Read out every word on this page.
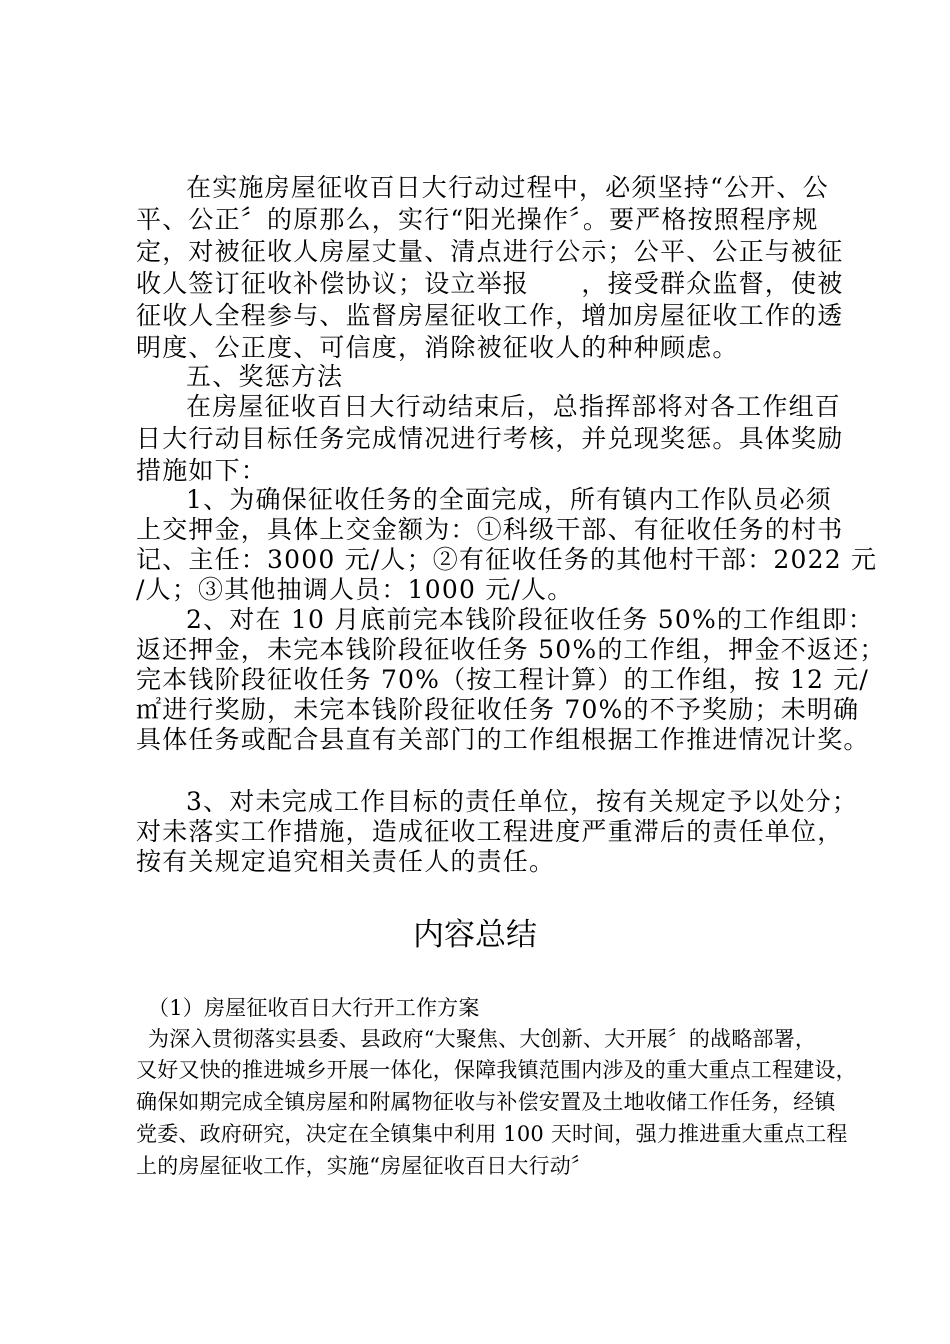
在实施房屋征收百日大行动过程中，必须坚持“公开、公
平、公正〞的原那么，实行“阳光操作〞。要严格按照程序规
定，对被征收人房屋丈量、清点进行公示；公平、公正与被征
收人签订征收补偿协议；设立举报　　，接受群众监督，使被
征收人全程参与、监督房屋征收工作，增加房屋征收工作的透
明度、公正度、可信度，消除被征收人的种种顾虑。
五、奖惩方法
在房屋征收百日大行动结束后，总指挥部将对各工作组百
日大行动目标任务完成情况进行考核，并兑现奖惩。具体奖励
措施如下：
1、为确保征收任务的全面完成，所有镇内工作队员必须
上交押金，具体上交金额为：①科级干部、有征收任务的村书
记、主任：3000 元/人；②有征收任务的其他村干部：2022 元
/人；③其他抽调人员：1000 元/人。
2、对在 10 月底前完本钱阶段征收任务 50%的工作组即：
返还押金，未完本钱阶段征收任务 50%的工作组，押金不返还；
完本钱阶段征收任务 70%（按工程计算）的工作组，按 12 元/
㎡进行奖励，未完本钱阶段征收任务 70%的不予奖励；未明确
具体任务或配合县直有关部门的工作组根据工作推进情况计奖。
3、对未完成工作目标的责任单位，按有关规定予以处分；
对未落实工作措施，造成征收工程进度严重滞后的责任单位，
按有关规定追究相关责任人的责任。
内容总结
（1）房屋征收百日大行开工作方案
为深入贯彻落实县委、县政府“大聚焦、大创新、大开展〞的战略部署，
又好又快的推进城乡开展一体化，保障我镇范围内涉及的重大重点工程建设，
确保如期完成全镇房屋和附属物征收与补偿安置及土地收储工作任务，经镇
党委、政府研究，决定在全镇集中利用 100 天时间，强力推进重大重点工程
上的房屋征收工作，实施“房屋征收百日大行动〞
